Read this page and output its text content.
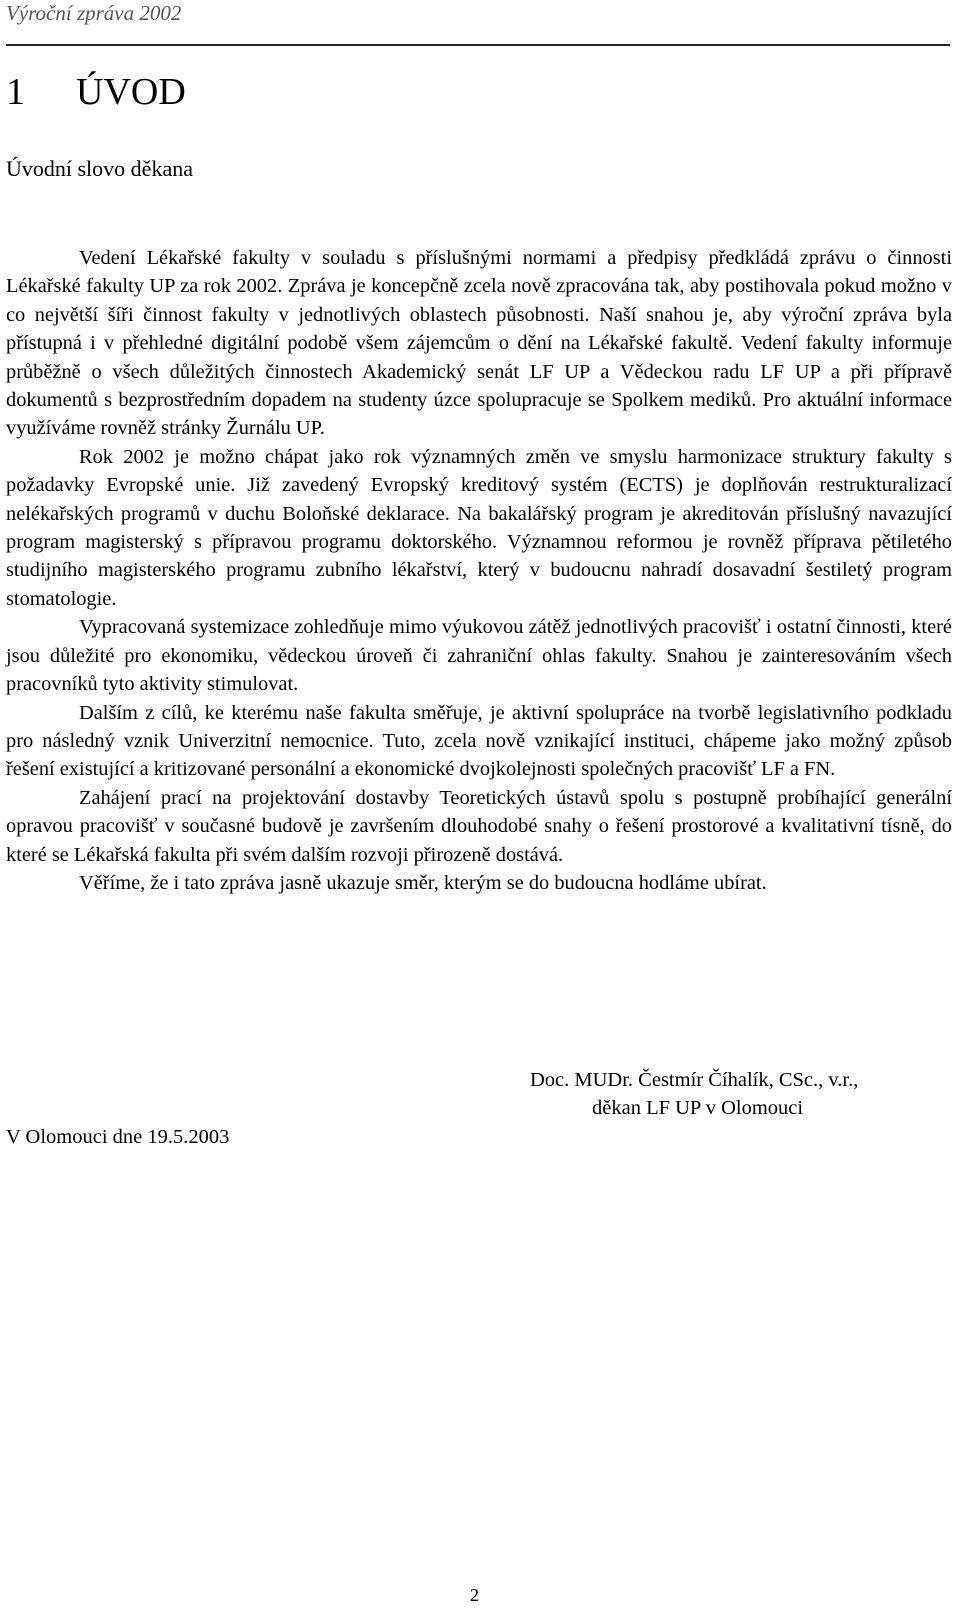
Výroční zpráva 2002
1 ÚVOD
Úvodní slovo děkana

Vedení Lékařské fakulty v souladu s příslušnými normami a předpisy předkládá zprávu o činnosti Lékařské fakulty UP za rok 2002. Zpráva je koncepčně zcela nově zpracována tak, aby postihovala pokud možno v co největší šíři činnost fakulty v jednotlivých oblastech působnosti. Naší snahou je, aby výroční zpráva byla přístupná i v přehledné digitální podobě všem zájemcům o dění na Lékařské fakultě. Vedení fakulty informuje průběžně o všech důležitých činnostech Akademický senát LF UP a Vědeckou radu LF UP a při přípravě dokumentů s bezprostředním dopadem na studenty úzce spolupracuje se Spolkem mediků. Pro aktuální informace využíváme rovněž stránky Žurnálu UP.

Rok 2002 je možno chápat jako rok významných změn ve smyslu harmonizace struktury fakulty s požadavky Evropské unie. Již zavedený Evropský kreditový systém (ECTS) je doplňován restrukturalizací nelékařských programů v duchu Boloňské deklarace. Na bakalářský program je akreditován příslušný navazující program magisterský s přípravou programu doktorského. Významnou reformou je rovněž příprava pětiletého studijního magisterského programu zubního lékařství, který v budoucnu nahradí dosavadní šestiletý program stomatologie.

Vypracovaná systemizace zohledňuje mimo výukovou zátěž jednotlivých pracovišť i ostatní činnosti, které jsou důležité pro ekonomiku, vědeckou úroveň či zahraniční ohlas fakulty. Snahou je zainteresováním všech pracovníků tyto aktivity stimulovat.

Dalším z cílů, ke kterému naše fakulta směřuje, je aktivní spolupráce na tvorbě legislativního podkladu pro následný vznik Univerzitní nemocnice. Tuto, zcela nově vznikající instituci, chápeme jako možný způsob řešení existující a kritizované personální a ekonomické dvojkolejnosti společných pracovišť LF a FN.

Zahájení prací na projektování dostavby Teoretických ústavů spolu s postupně probíhající generální opravou pracovišť v současné budově je završením dlouhodobé snahy o řešení prostorové a kvalitativní tísně, do které se Lékařská fakulta při svém dalším rozvoji přirozeně dostává.

Věříme, že i tato zpráva jasně ukazuje směr, kterým se do budoucna hodláme ubírat.

Doc. MUDr. Čestmír Číhalík, CSc., v.r.,
děkan LF UP v Olomouci
V Olomouci dne 19.5.2003
2
